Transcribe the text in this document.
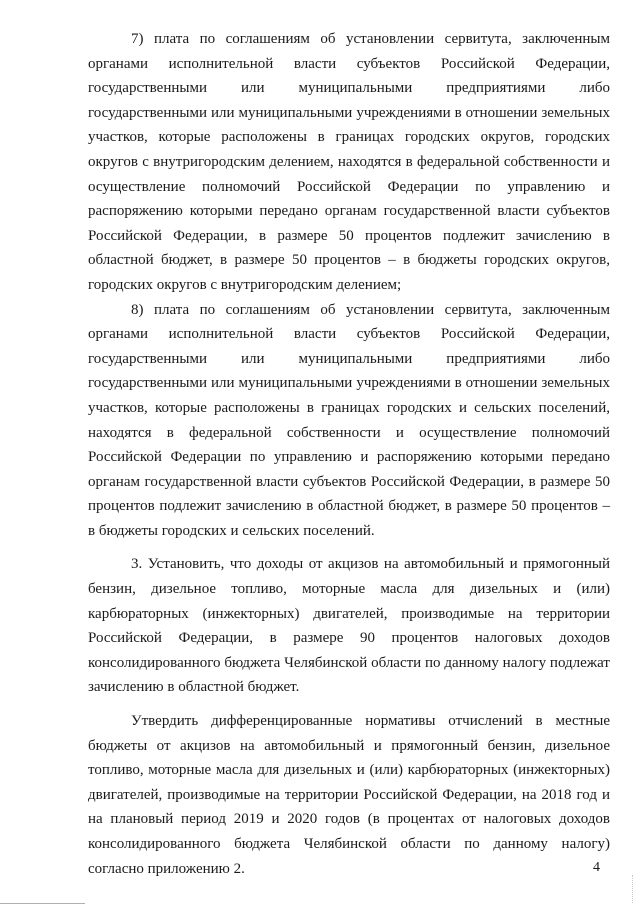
7) плата по соглашениям об установлении сервитута, заключенным органами исполнительной власти субъектов Российской Федерации, государственными или муниципальными предприятиями либо государственными или муниципальными учреждениями в отношении земельных участков, которые расположены в границах городских округов, городских округов с внутригородским делением, находятся в федеральной собственности и осуществление полномочий Российской Федерации по управлению и распоряжению которыми передано органам государственной власти субъектов Российской Федерации, в размере 50 процентов подлежит зачислению в областной бюджет, в размере 50 процентов – в бюджеты городских округов, городских округов с внутригородским делением;

8) плата по соглашениям об установлении сервитута, заключенным органами исполнительной власти субъектов Российской Федерации, государственными или муниципальными предприятиями либо государственными или муниципальными учреждениями в отношении земельных участков, которые расположены в границах городских и сельских поселений, находятся в федеральной собственности и осуществление полномочий Российской Федерации по управлению и распоряжению которыми передано органам государственной власти субъектов Российской Федерации, в размере 50 процентов подлежит зачислению в областной бюджет, в размере 50 процентов – в бюджеты городских и сельских поселений.

3. Установить, что доходы от акцизов на автомобильный и прямогонный бензин, дизельное топливо, моторные масла для дизельных и (или) карбюраторных (инжекторных) двигателей, производимые на территории Российской Федерации, в размере 90 процентов налоговых доходов консолидированного бюджета Челябинской области по данному налогу подлежат зачислению в областной бюджет.

Утвердить дифференцированные нормативы отчислений в местные бюджеты от акцизов на автомобильный и прямогонный бензин, дизельное топливо, моторные масла для дизельных и (или) карбюраторных (инжекторных) двигателей, производимые на территории Российской Федерации, на 2018 год и на плановый период 2019 и 2020 годов (в процентах от налоговых доходов консолидированного бюджета Челябинской области по данному налогу) согласно приложению 2.	4
